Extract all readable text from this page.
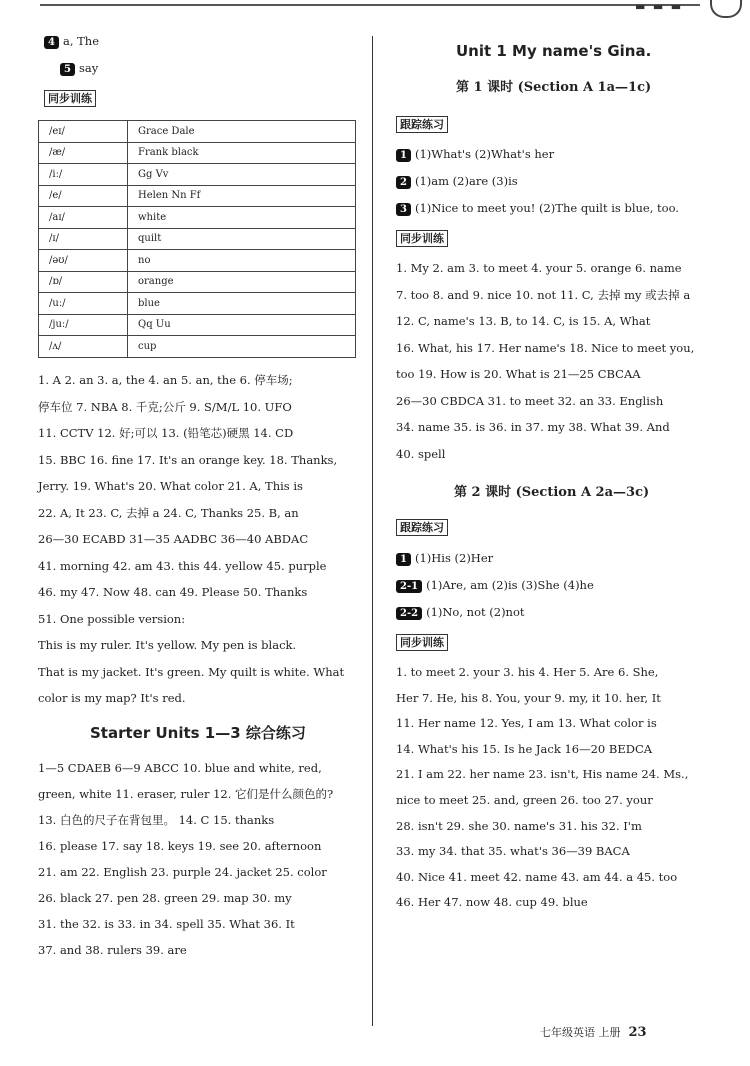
▬ ▬ ▬
4 a, The
5 say
同步训练
/eɪ/	Grace Dale
/æ/	Frank black
/iː/	Gg Vv
/e/	Helen Nn Ff
/aɪ/	white
/ɪ/	quilt
/əʊ/	no
/ɒ/	orange
/uː/	blue
/juː/	Qq Uu
/ʌ/	cup
1. A 2. an 3. a, the 4. an 5. an, the 6. 停车场;
停车位 7. NBA 8. 千克;公斤 9. S/M/L 10. UFO
11. CCTV 12. 好;可以 13. (铅笔芯)硬黑 14. CD
15. BBC 16. fine 17. It's an orange key. 18. Thanks,
Jerry. 19. What's 20. What color 21. A, This is
22. A, It 23. C, 去掉 a 24. C, Thanks 25. B, an
26—30 ECABD 31—35 AADBC 36—40 ABDAC
41. morning 42. am 43. this 44. yellow 45. purple
46. my 47. Now 48. can 49. Please 50. Thanks
51. One possible version:
This is my ruler. It's yellow. My pen is black.
That is my jacket. It's green. My quilt is white. What
color is my map? It's red.
Starter Units 1—3 综合练习
1—5 CDAEB 6—9 ABCC 10. blue and white, red,
green, white 11. eraser, ruler 12. 它们是什么颜色的?
13. 白色的尺子在背包里。 14. C 15. thanks
16. please 17. say 18. keys 19. see 20. afternoon
21. am 22. English 23. purple 24. jacket 25. color
26. black 27. pen 28. green 29. map 30. my
31. the 32. is 33. in 34. spell 35. What 36. It
37. and 38. rulers 39. are
Unit 1 My name's Gina.
第 1 课时 (Section A 1a—1c)
跟踪练习
1 (1)What's (2)What's her
2 (1)am (2)are (3)is
3 (1)Nice to meet you! (2)The quilt is blue, too.
同步训练
1. My 2. am 3. to meet 4. your 5. orange 6. name
7. too 8. and 9. nice 10. not 11. C, 去掉 my 或去掉 a
12. C, name's 13. B, to 14. C, is 15. A, What
16. What, his 17. Her name's 18. Nice to meet you,
too 19. How is 20. What is 21—25 CBCAA
26—30 CBDCA 31. to meet 32. an 33. English
34. name 35. is 36. in 37. my 38. What 39. And
40. spell
第 2 课时 (Section A 2a—3c)
跟踪练习
1 (1)His (2)Her
2-1 (1)Are, am (2)is (3)She (4)he
2-2 (1)No, not (2)not
同步训练
1. to meet 2. your 3. his 4. Her 5. Are 6. She,
Her 7. He, his 8. You, your 9. my, it 10. her, It
11. Her name 12. Yes, I am 13. What color is
14. What's his 15. Is he Jack 16—20 BEDCA
21. I am 22. her name 23. isn't, His name 24. Ms.,
nice to meet 25. and, green 26. too 27. your
28. isn't 29. she 30. name's 31. his 32. I'm
33. my 34. that 35. what's 36—39 BACA
40. Nice 41. meet 42. name 43. am 44. a 45. too
46. Her 47. now 48. cup 49. blue
七年级英语 上册 23
